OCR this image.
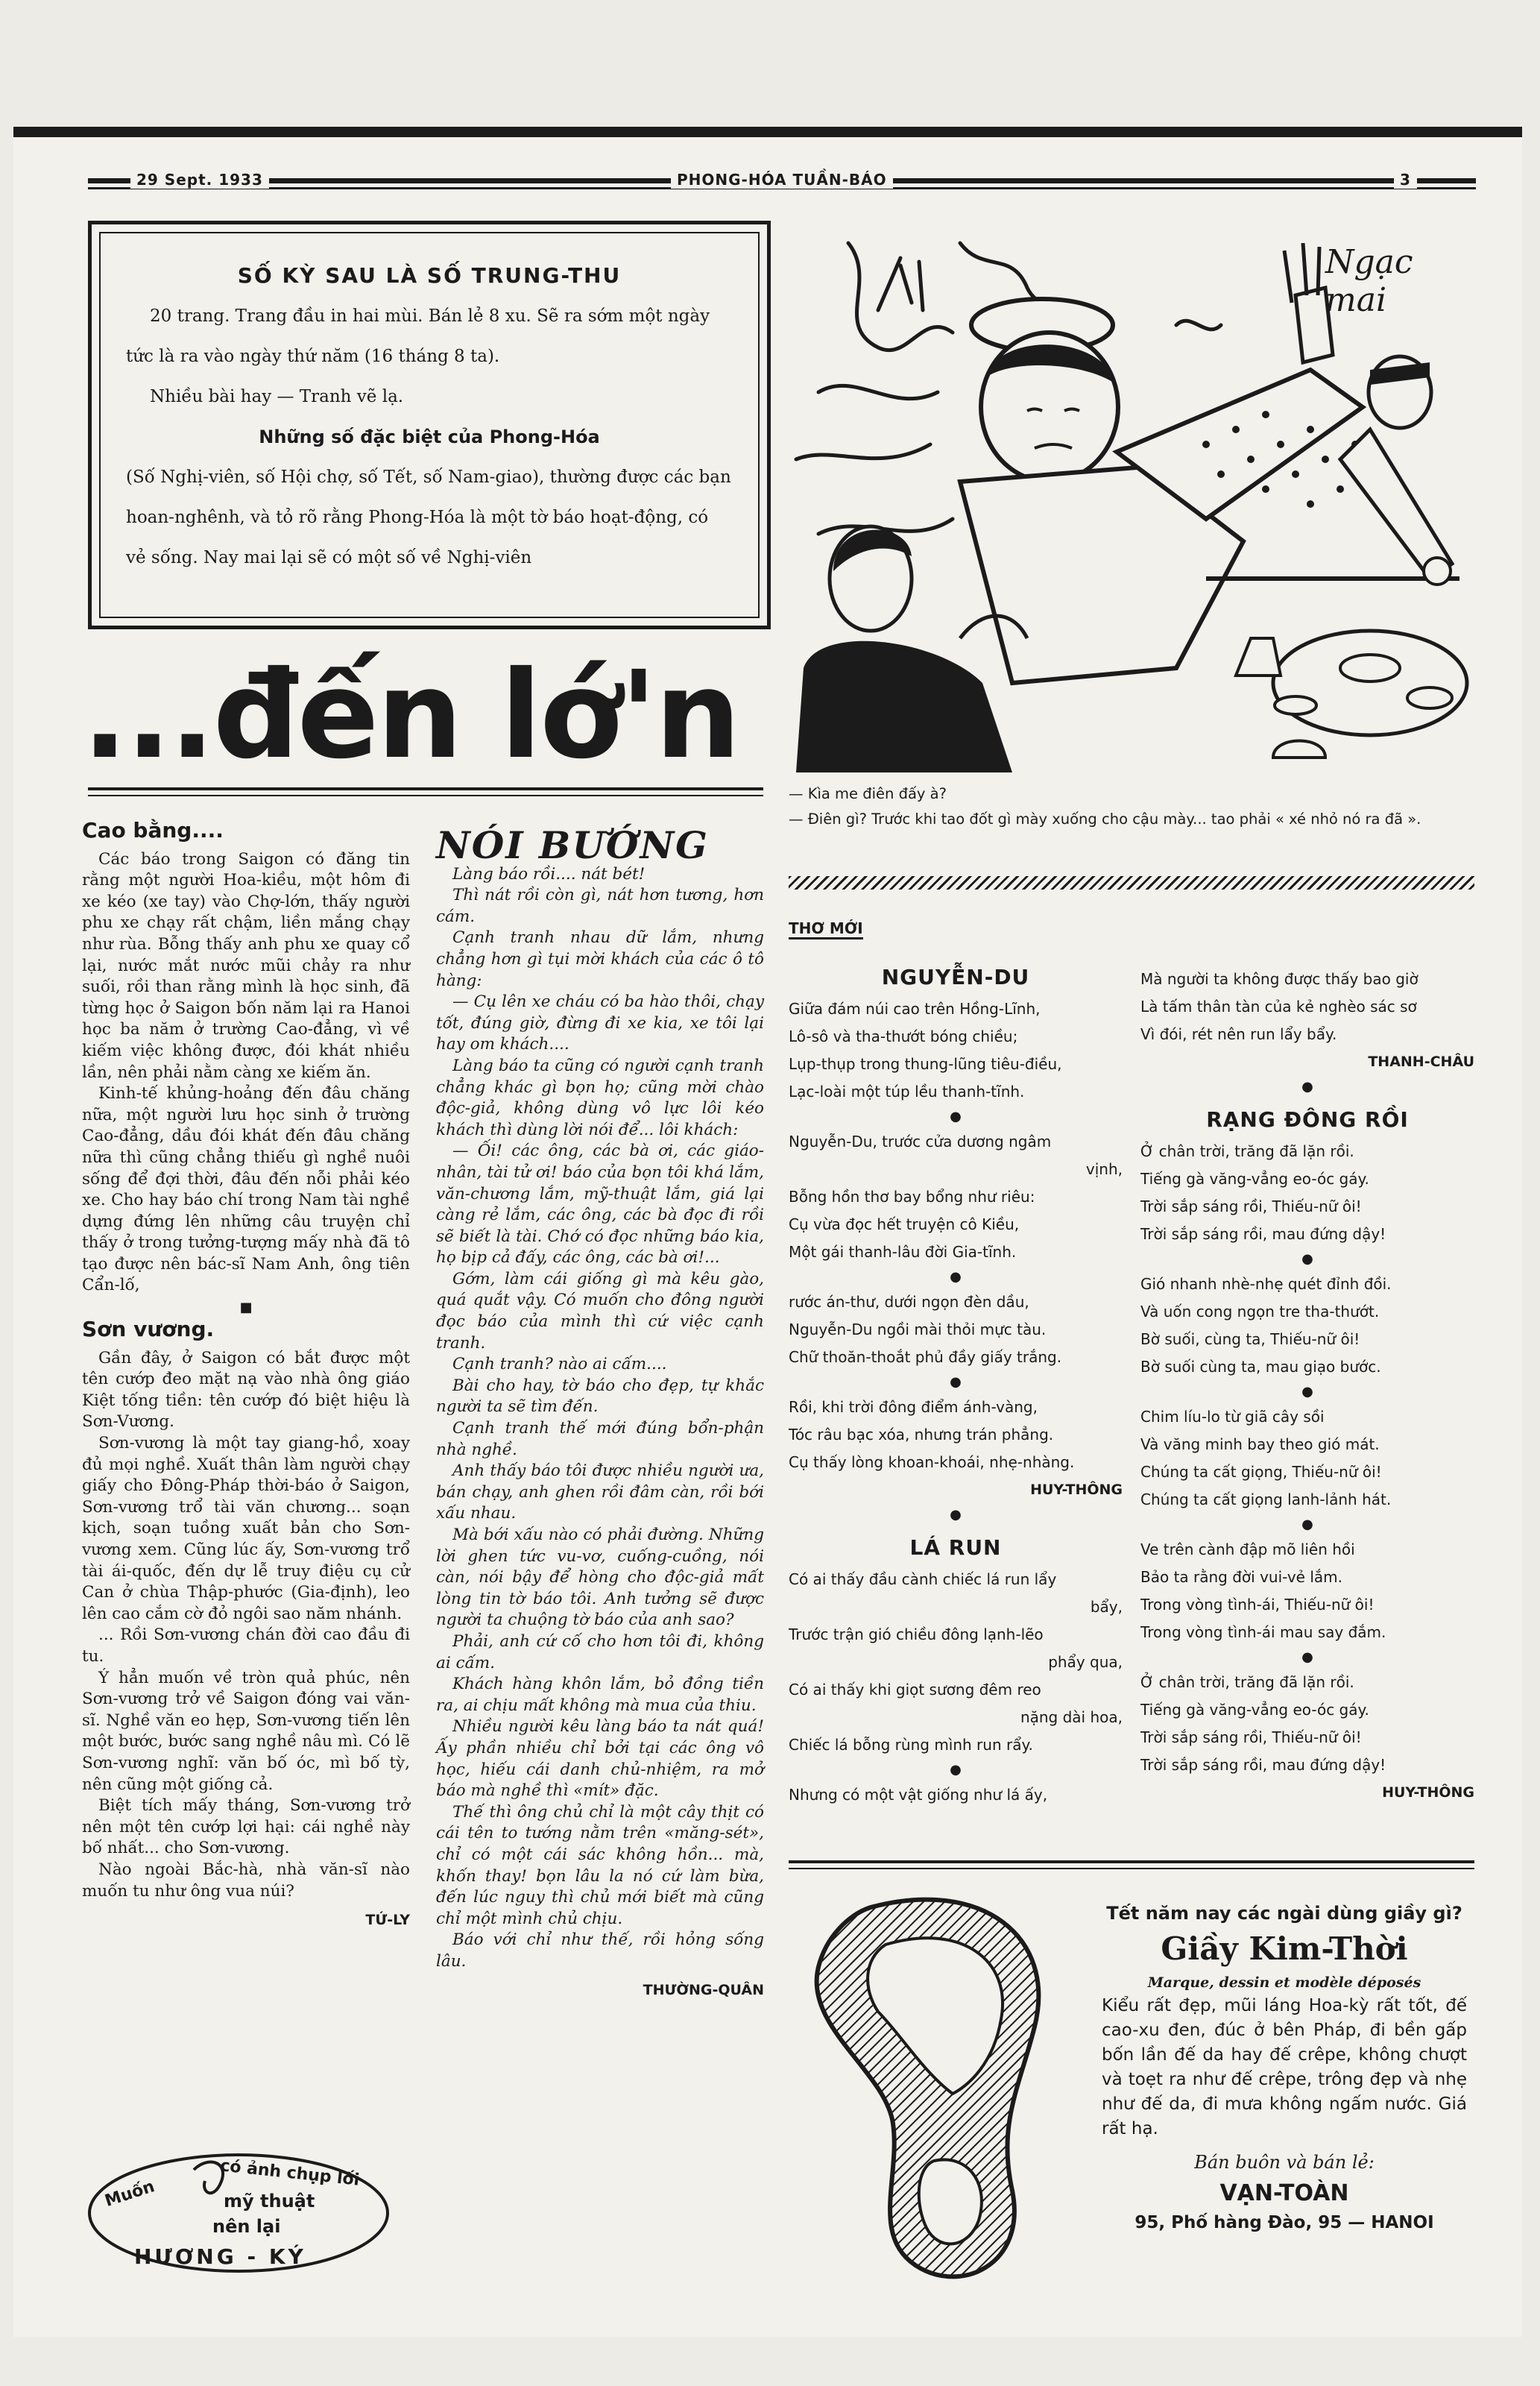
29 Sept. 1933	PHONG-HÓA TUẦN-BÁO	3

SỐ KỲ SAU LÀ SỐ TRUNG-THU

20 trang. Trang đầu in hai mùi. Bán lẻ 8 xu. Sẽ ra sớm một ngày tức là ra vào ngày thứ năm (16 tháng 8 ta).

Nhiều bài hay — Tranh vẽ lạ.

Những số đặc biệt của Phong-Hóa

(Số Nghị-viên, số Hội chợ, số Tết, số Nam-giao), thường được các bạn hoan-nghênh, và tỏ rõ rằng Phong-Hóa là một tờ báo hoạt-động, có vẻ sống. Nay mai lại sẽ có một số về Nghị-viên

...đến lớ'n
Cao bằng....

Các báo trong Saigon có đăng tin rằng một người Hoa-kiều, một hôm đi xe kéo (xe tay) vào Chợ-lớn, thấy người phu xe chạy rất chậm, liền mắng chạy như rùa. Bỗng thấy anh phu xe quay cổ lại, nước mắt nước mũi chảy ra như suối, rồi than rằng mình là học sinh, đã từng học ở Saigon bốn năm lại ra Hanoi học ba năm ở trường Cao-đẳng, vì về kiếm việc không được, đói khát nhiều lần, nên phải nằm càng xe kiếm ăn.

Kinh-tế khủng-hoảng đến đâu chăng nữa, một người lưu học sinh ở trường Cao-đẳng, dầu đói khát đến đâu chăng nữa thì cũng chẳng thiếu gì nghề nuôi sống để đợi thời, đâu đến nỗi phải kéo xe. Cho hay báo chí trong Nam tài nghề dựng đứng lên những câu truyện chỉ thấy ở trong tưởng-tượng mấy nhà đã tô tạo được nên bác-sĩ Nam Anh, ông tiên Cẩn-lố,

■
Sơn vương.

Gần đây, ở Saigon có bắt được một tên cướp đeo mặt nạ vào nhà ông giáo Kiệt tống tiền: tên cướp đó biệt hiệu là Sơn-Vương.

Sơn-vương là một tay giang-hồ, xoay đủ mọi nghề. Xuất thân làm người chạy giấy cho Đông-Pháp thời-báo ở Saigon, Sơn-vương trổ tài văn chương... soạn kịch, soạn tuồng xuất bản cho Sơn-vương xem. Cũng lúc ấy, Sơn-vương trổ tài ái-quốc, đến dự lễ truy điệu cụ cử Can ở chùa Thập-phước (Gia-định), leo lên cao cắm cờ đỏ ngôi sao năm nhánh.

... Rồi Sơn-vương chán đời cao đầu đi tu.

Ý hẳn muốn về tròn quả phúc, nên Sơn-vương trở về Saigon đóng vai văn-sĩ. Nghề văn eo hẹp, Sơn-vương tiến lên một bước, bước sang nghề nâu mì. Có lẽ Sơn-vương nghĩ: văn bố óc, mì bố tỳ, nên cũng một giống cả.

Biệt tích mấy tháng, Sơn-vương trở nên một tên cướp lợi hại: cái nghề này bố nhất... cho Sơn-vương.

Nào ngoài Bắc-hà, nhà văn-sĩ nào muốn tu như ông vua núi?

TỨ-LY
Muốn
có ảnh chụp lối
mỹ thuật
nên lại
HƯƠNG - KÝ
NÓI BƯỚNG

Làng báo rồi.... nát bét!

Thì nát rồi còn gì, nát hơn tương, hơn cám.

Cạnh tranh nhau dữ lắm, nhưng chẳng hơn gì tụi mời khách của các ô tô hàng:

— Cụ lên xe cháu có ba hào thôi, chạy tốt, đúng giờ, đừng đi xe kia, xe tôi lại hay om khách....

Làng báo ta cũng có người cạnh tranh chẳng khác gì bọn họ; cũng mời chào độc-giả, không dùng vô lực lôi kéo khách thì dùng lời nói để... lôi khách:

— Ối! các ông, các bà ơi, các giáo-nhân, tài tử ơi! báo của bọn tôi khá lắm, văn-chương lắm, mỹ-thuật lắm, giá lại càng rẻ lắm, các ông, các bà đọc đi rồi sẽ biết là tài. Chớ có đọc những báo kia, họ bịp cả đấy, các ông, các bà ơi!...

Gớm, làm cái giống gì mà kêu gào, quá quắt vậy. Có muốn cho đông người đọc báo của mình thì cứ việc cạnh tranh.

Cạnh tranh? nào ai cấm....

Bài cho hay, tờ báo cho đẹp, tự khắc người ta sẽ tìm đến.

Cạnh tranh thế mới đúng bổn-phận nhà nghề.

Anh thấy báo tôi được nhiều người ưa, bán chạy, anh ghen rồi đâm càn, rồi bới xấu nhau.

Mà bới xấu nào có phải đường. Những lời ghen tức vu-vơ, cuống-cuồng, nói càn, nói bậy để hòng cho độc-giả mất lòng tin tờ báo tôi. Anh tưởng sẽ được người ta chuộng tờ báo của anh sao?

Phải, anh cứ cố cho hơn tôi đi, không ai cấm.

Khách hàng khôn lắm, bỏ đồng tiền ra, ai chịu mất không mà mua của thiu.

Nhiều người kêu làng báo ta nát quá! Ấy phần nhiều chỉ bởi tại các ông vô học, hiếu cái danh chủ-nhiệm, ra mở báo mà nghề thì «mít» đặc.

Thế thì ông chủ chỉ là một cây thịt có cái tên to tướng nằm trên «măng-sét», chỉ có một cái sác không hồn... mà, khốn thay! bọn lâu la nó cứ làm bừa, đến lúc nguy thì chủ mới biết mà cũng chỉ một mình chủ chịu.

Báo với chỉ như thế, rồi hỏng sống lâu.

THƯỜNG-QUÂN
Ngạc mai
— Kìa me điên đấy à?
— Điên gì? Trước khi tao đốt gì mày xuống cho cậu mày... tao phải « xé nhỏ nó ra đã ».
THƠ MỚI
NGUYỄN-DU
Giữa đám núi cao trên Hồng-Lĩnh,
Lô-sô và tha-thướt bóng chiều;
Lụp-thụp trong thung-lũng tiêu-điều,
Lạc-loài một túp lều thanh-tĩnh.
●
Nguyễn-Du, trước cửa dương ngâm
vịnh,
Bỗng hồn thơ bay bổng như riêu:
Cụ vừa đọc hết truyện cô Kiều,
Một gái thanh-lâu đời Gia-tĩnh.
●
rước án-thư, dưới ngọn đèn dầu,
Nguyễn-Du ngồi mài thỏi mực tàu.
Chữ thoăn-thoắt phủ đầy giấy trắng.
●
Rồi, khi trời đông điểm ánh-vàng,
Tóc râu bạc xóa, nhưng trán phẳng.
Cụ thấy lòng khoan-khoái, nhẹ-nhàng.
HUY-THÔNG
●
LÁ RUN
Có ai thấy đầu cành chiếc lá run lẩy
bẩy,
Trước trận gió chiều đông lạnh-lẽo
phẩy qua,
Có ai thấy khi giọt sương đêm reo
nặng dài hoa,
Chiếc lá bỗng rùng mình run rẩy.
●
Nhưng có một vật giống như lá ấy,
Mà người ta không được thấy bao giờ
Là tấm thân tàn của kẻ nghèo sác sơ
Vì đói, rét nên run lẩy bẩy.
THANH-CHÂU
●
RẠNG ĐÔNG RỒI
Ở chân trời, trăng đã lặn rồi.
Tiếng gà văng-vẳng eo-óc gáy.
Trời sắp sáng rồi, Thiếu-nữ ôi!
Trời sắp sáng rồi, mau đứng dậy!
●
Gió nhanh nhè-nhẹ quét đỉnh đồi.
Và uốn cong ngọn tre tha-thướt.
Bờ suối, cùng ta, Thiếu-nữ ôi!
Bờ suối cùng ta, mau giạo bước.
●
Chim líu-lo từ giã cây sồi
Và văng minh bay theo gió mát.
Chúng ta cất giọng, Thiếu-nữ ôi!
Chúng ta cất giọng lanh-lảnh hát.
●
Ve trên cành đập mõ liên hồi
Bảo ta rằng đời vui-vẻ lắm.
Trong vòng tình-ái, Thiếu-nữ ôi!
Trong vòng tình-ái mau say đắm.
●
Ở chân trời, trăng đã lặn rồi.
Tiếng gà văng-vẳng eo-óc gáy.
Trời sắp sáng rồi, Thiếu-nữ ôi!
Trời sắp sáng rồi, mau đứng dậy!
HUY-THÔNG
Tết năm nay các ngài dùng giầy gì?
Giầy Kim-Thời
Marque, dessin et modèle déposés
Kiểu rất đẹp, mũi láng Hoa-kỳ rất tốt, đế cao-xu đen, đúc ở bên Pháp, đi bền gấp bốn lần đế da hay đế crêpe, không chượt và toẹt ra như đế crêpe, trông đẹp và nhẹ như đế da, đi mưa không ngấm nước. Giá rất hạ.
Bán buôn và bán lẻ:
VẠN-TOÀN
95, Phố hàng Đào, 95 — HANOI
